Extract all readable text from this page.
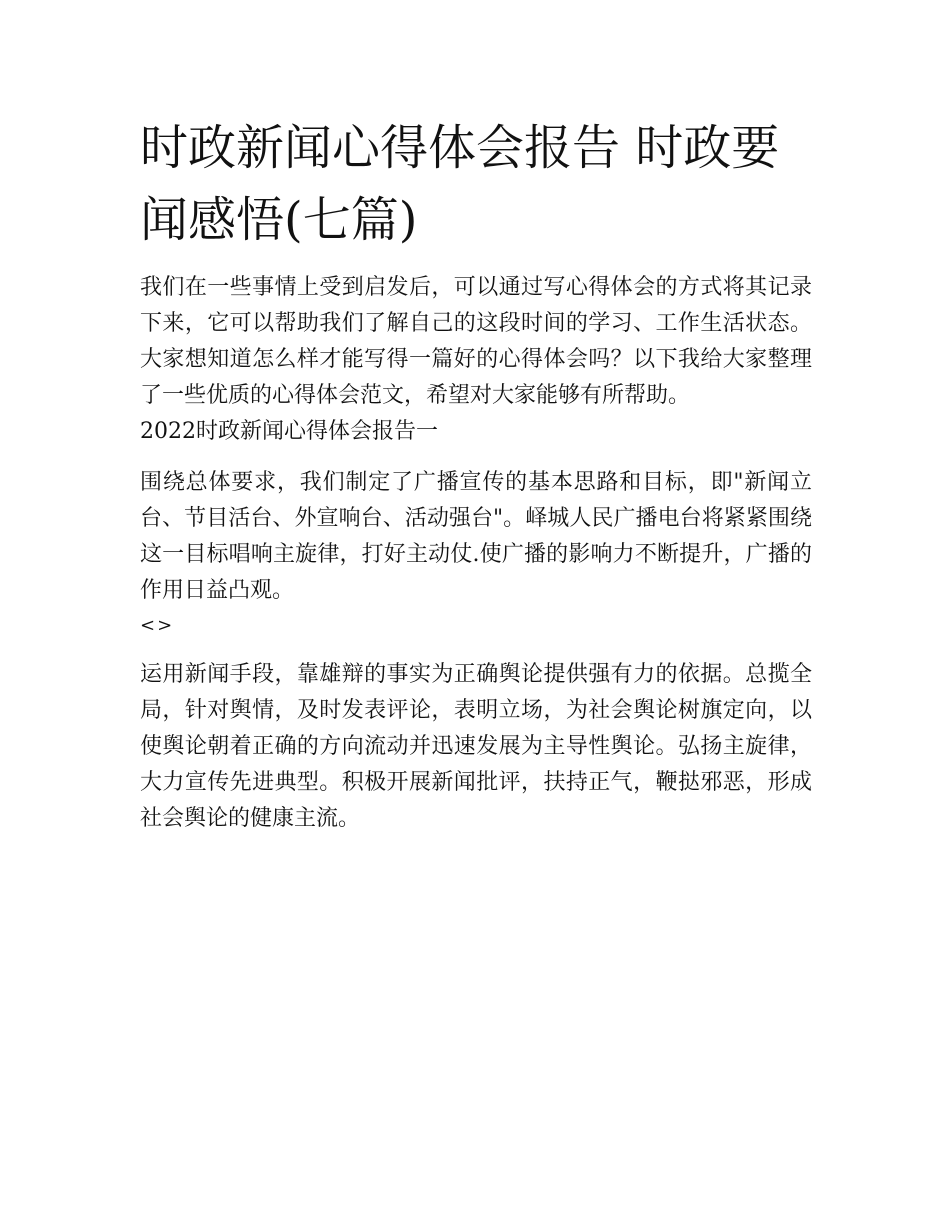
时政新闻心得体会报告 时政要闻感悟(七篇)

我们在一些事情上受到启发后，可以通过写心得体会的方式将其记录下来，它可以帮助我们了解自己的这段时间的学习、工作生活状态。大家想知道怎么样才能写得一篇好的心得体会吗？以下我给大家整理了一些优质的心得体会范文，希望对大家能够有所帮助。

2022时政新闻心得体会报告一

围绕总体要求，我们制定了广播宣传的基本思路和目标，即"新闻立台、节目活台、外宣响台、活动强台"。峄城人民广播电台将紧紧围绕这一目标唱响主旋律，打好主动仗.使广播的影响力不断提升，广播的作用日益凸观。

<>

运用新闻手段，靠雄辩的事实为正确舆论提供强有力的依据。总揽全局，针对舆情，及时发表评论，表明立场，为社会舆论树旗定向，以使舆论朝着正确的方向流动并迅速发展为主导性舆论。弘扬主旋律，大力宣传先进典型。积极开展新闻批评，扶持正气，鞭挞邪恶，形成社会舆论的健康主流。
